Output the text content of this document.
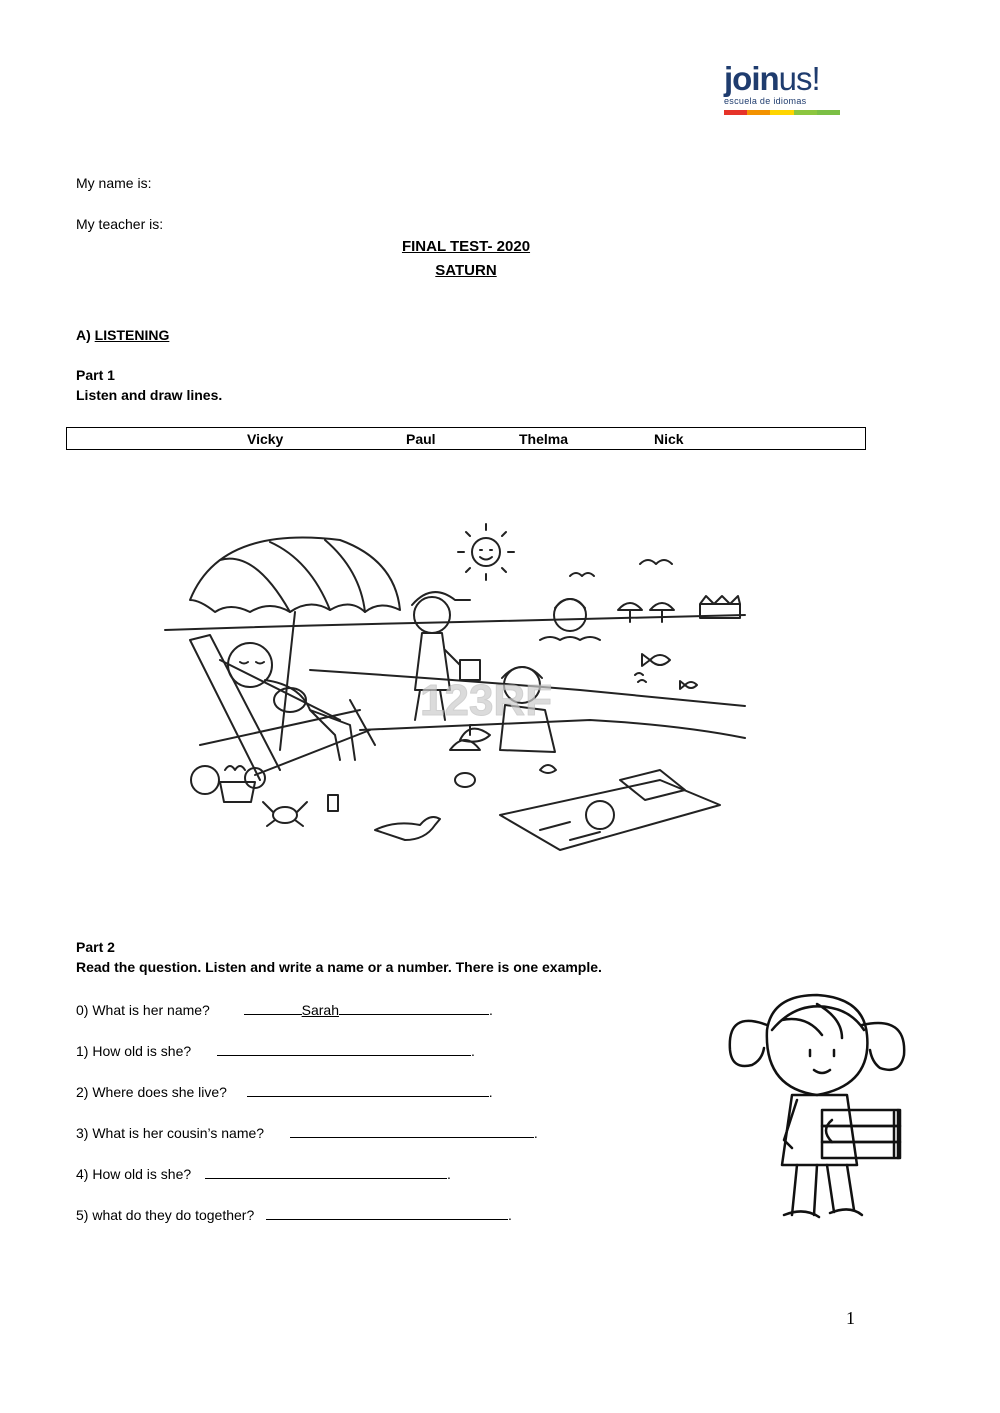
joinus!
escuela de idiomas
My name is:
My teacher is:
FINAL TEST- 2020
SATURN
A) LISTENING
Part 1
Listen and draw lines.
Vicky	Paul	Thelma	Nick
123RF
Part 2
Read the question. Listen and write a name or a number. There is one example.
0) What is her name?	Sarah	.
1) How old is she?	.
2) Where does she live?	.
3) What is her cousin’s name?	.
4) How old is she?	.
5) what do they do together?	.
1
